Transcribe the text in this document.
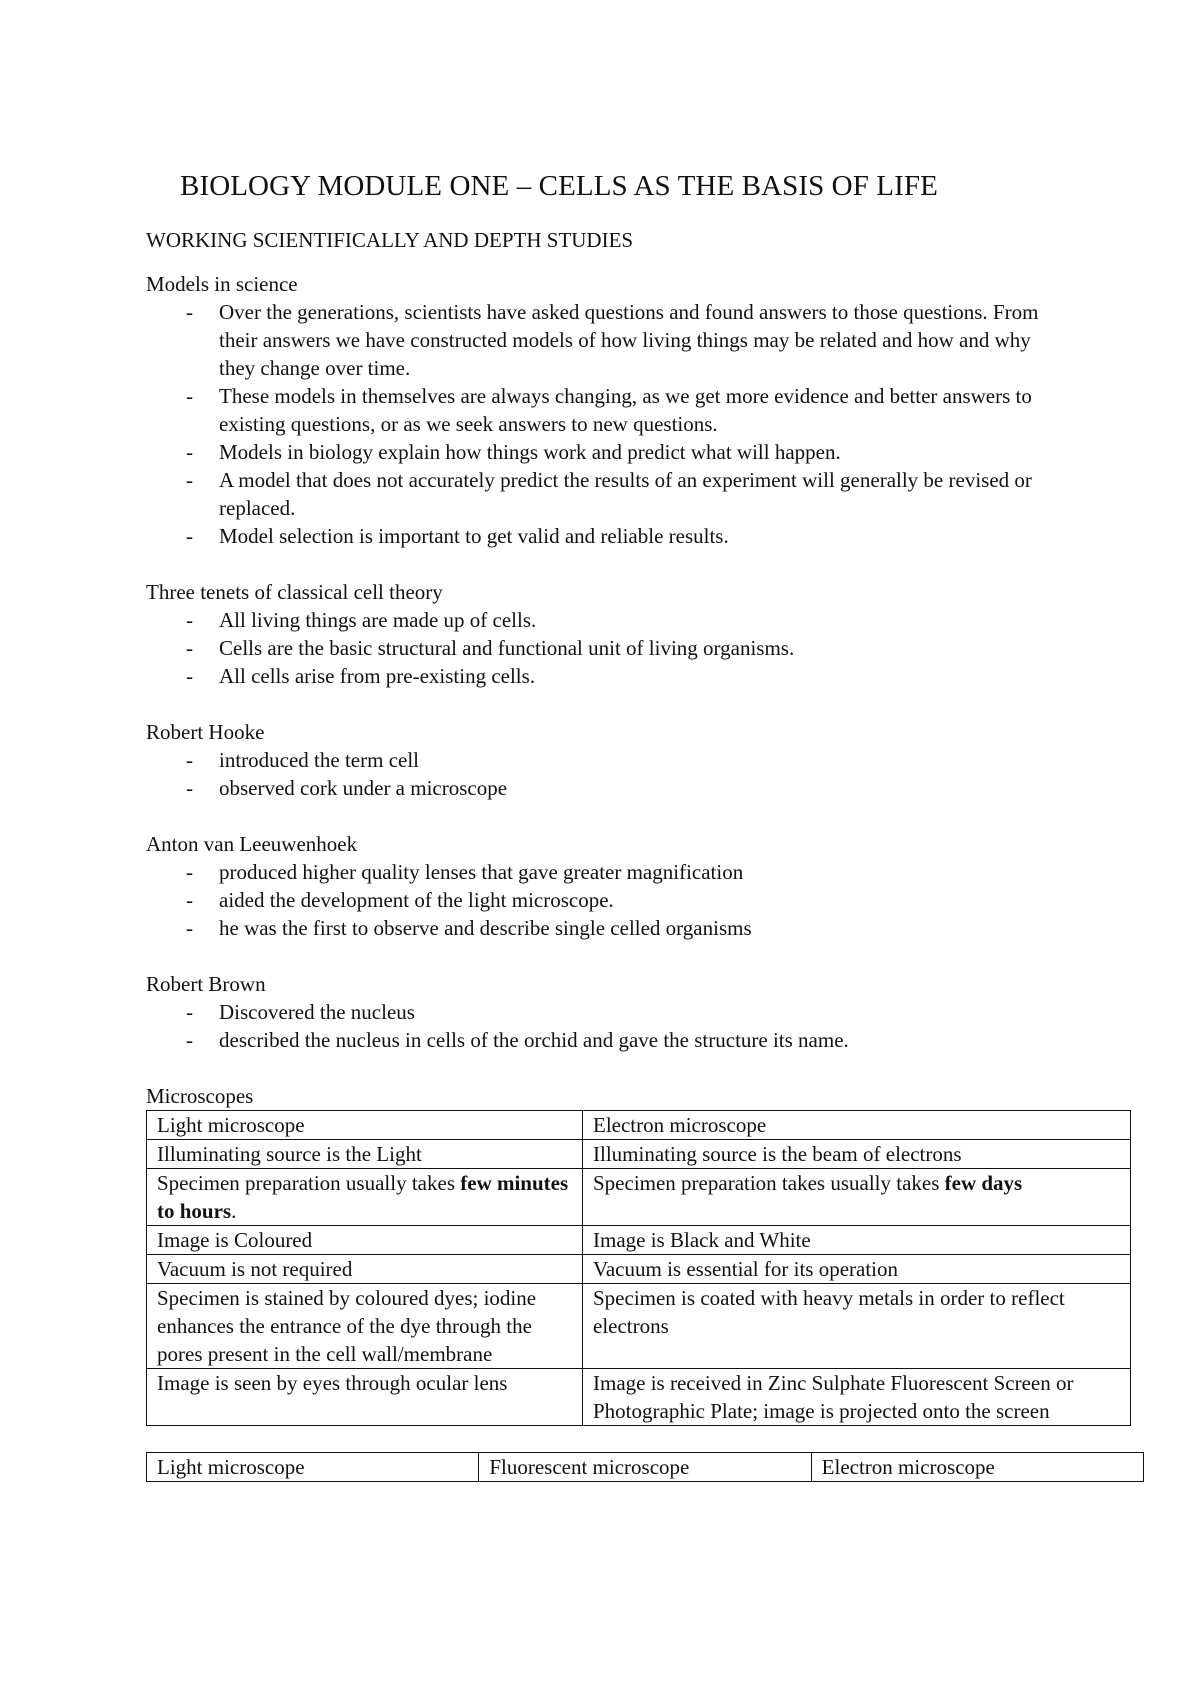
BIOLOGY MODULE ONE – CELLS AS THE BASIS OF LIFE

WORKING SCIENTIFICALLY AND DEPTH STUDIES

Models in science

- Over the generations, scientists have asked questions and found answers to those questions. From their answers we have constructed models of how living things may be related and how and why they change over time.
- These models in themselves are always changing, as we get more evidence and better answers to existing questions, or as we seek answers to new questions.
- Models in biology explain how things work and predict what will happen.
- A model that does not accurately predict the results of an experiment will generally be revised or replaced.
- Model selection is important to get valid and reliable results.

Three tenets of classical cell theory

- All living things are made up of cells.
- Cells are the basic structural and functional unit of living organisms.
- All cells arise from pre-existing cells.

Robert Hooke

- introduced the term cell
- observed cork under a microscope

Anton van Leeuwenhoek

- produced higher quality lenses that gave greater magnification
- aided the development of the light microscope.
- he was the first to observe and describe single celled organisms

Robert Brown

- Discovered the nucleus
- described the nucleus in cells of the orchid and gave the structure its name.

Microscopes

Light microscope	Electron microscope
Illuminating source is the Light	Illuminating source is the beam of electrons
Specimen preparation usually takes few minutes to hours.	Specimen preparation takes usually takes few days
Image is Coloured	Image is Black and White
Vacuum is not required	Vacuum is essential for its operation
Specimen is stained by coloured dyes; iodine enhances the entrance of the dye through the pores present in the cell wall/membrane	Specimen is coated with heavy metals in order to reflect electrons
Image is seen by eyes through ocular lens	Image is received in Zinc Sulphate Fluorescent Screen or Photographic Plate; image is projected onto the screen
Light microscope	Fluorescent microscope	Electron microscope
